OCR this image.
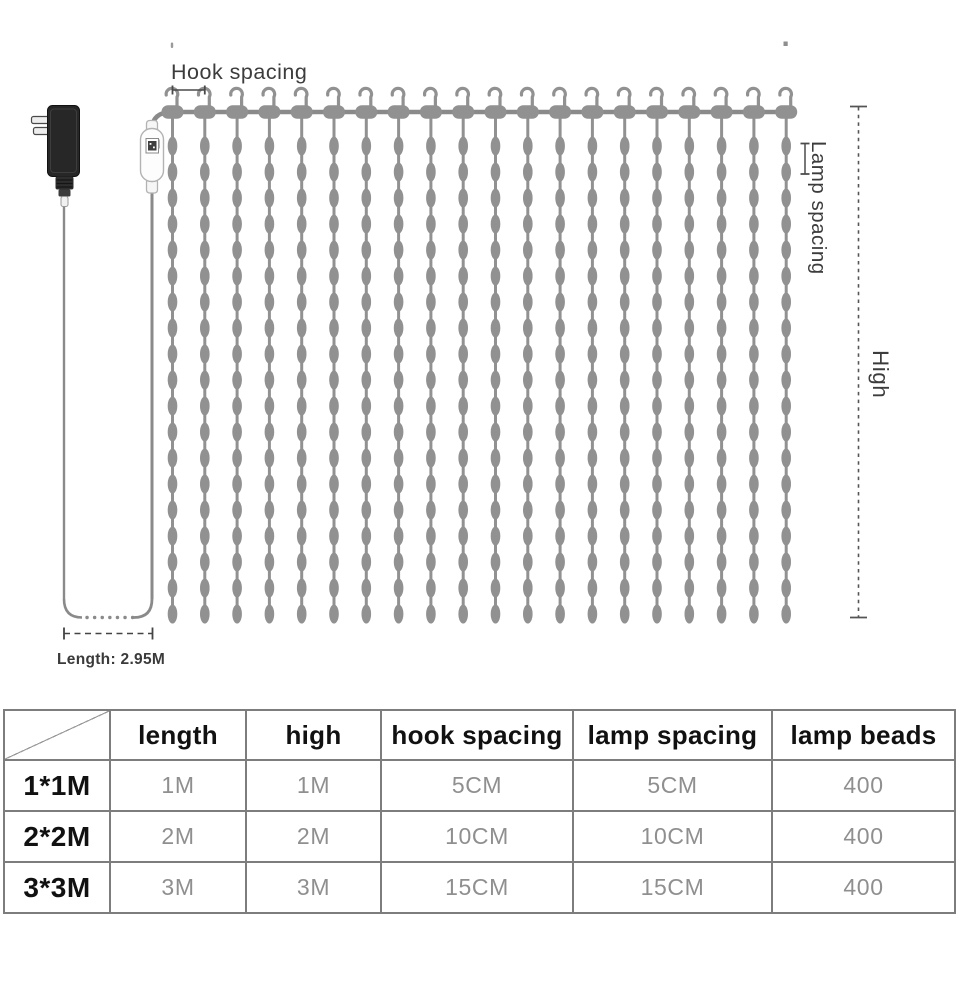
Hook spacing
Lamp spacing
High
Length: 2.95M
	length	high	hook spacing	lamp spacing	lamp beads
1*1M	1M	1M	5CM	5CM	400
2*2M	2M	2M	10CM	10CM	400
3*3M	3M	3M	15CM	15CM	400
